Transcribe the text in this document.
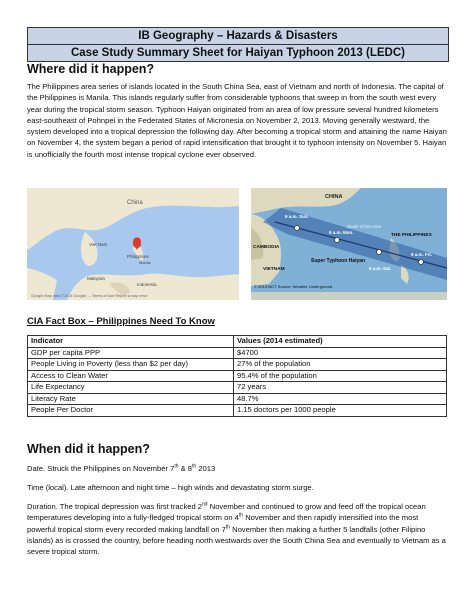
IB Geography – Hazards & Disasters
Case Study Summary Sheet for Haiyan Typhoon 2013 (LEDC)
Where did it happen?

The Philippines area series of islands located in the South China Sea, east of Vietnam and north of Indonesia. The capital of the Philippines is Manila. This islands regularly suffer from considerable typhoons that sweep in from the south west every year during the tropical storm season. Typhoon Haiyan originated from an area of low pressure several hundred kilometers east-southeast of Pohnpei in the Federated States of Micronesia on November 2, 2013. Moving generally westward, the system developed into a tropical depression the following day. After becoming a tropical storm and attaining the name Haiyan on November 4, the system began a period of rapid intensification that brought it to typhoon intensity on November 5. Haiyan is unofficially the fourth most intense tropical cyclone ever observed.

China
Viet Nam
Philippines
Manila
Malaysia
Indonesia
Google Map data ©2014 Google, ... Terms of Use Report a map error
CHINA
South China Sea
THE PHILIPPINES
CAMBODIA
VIETNAM
Super Typhoon Haiyan
9 a.m. Sun.
9 a.m. Mon.
9 a.m. Fri.
9 a.m. Sat.
© 2013 MCT Source: Weather Underground
CIA Fact Box – Philippines Need To Know
Indicator	Values (2014 estimated)
GDP per capita PPP	$4700
People Living in Poverty (less than $2 per day)	27% of the population
Access to Clean Water	95.4% of the population
Life Expectancy	72 years
Literacy Rate	48.7%
People Per Doctor	1.15 doctors per 1000 people
When did it happen?

Date. Struck the Philippines on November 7th & 8th 2013

Time (local). Late afternoon and night time – high winds and devastating storm surge.

Duration. The tropical depression was first tracked 2nd November and continued to grow and feed off the tropical ocean temperatures developing into a fully-fledged tropical storm on 4th November and then rapidly intensified into the most powerful tropical storm every recorded making landfall on 7th November then making a further 5 landfalls (other Filipino islands) as is crossed the country, before heading north westwards over the South China Sea and eventually to Vietnam as a severe tropical storm.
